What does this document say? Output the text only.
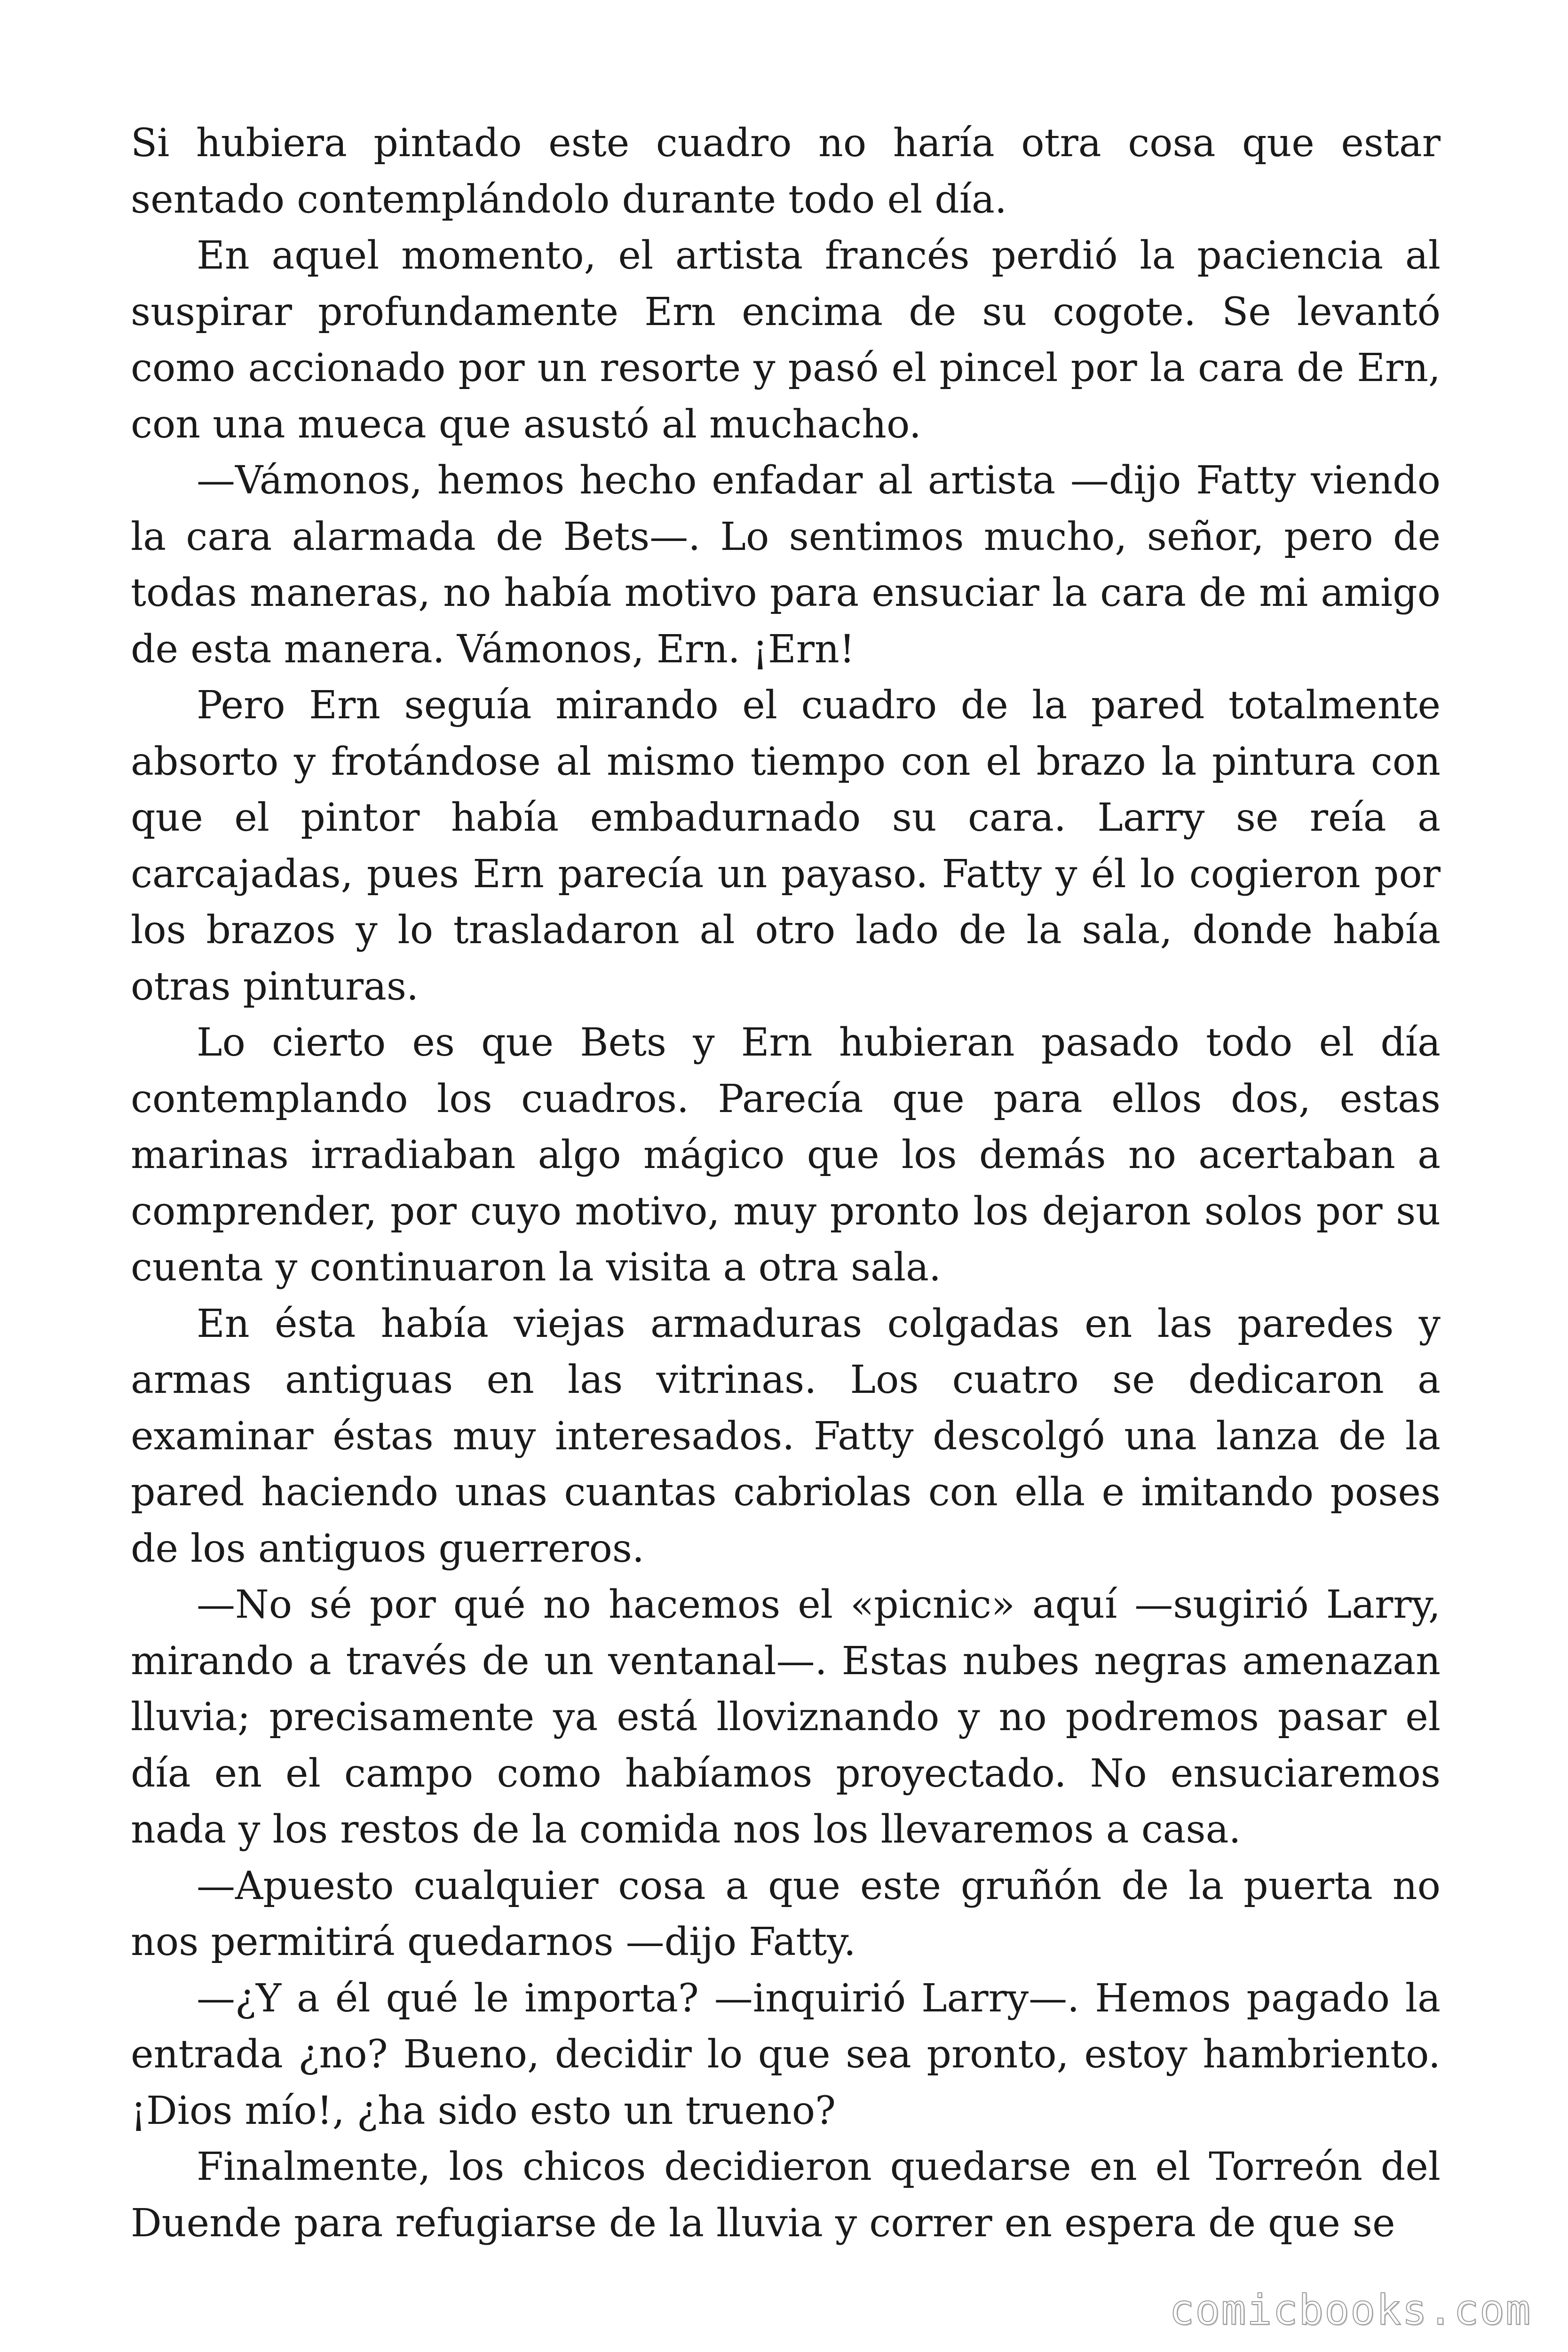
Si hubiera pintado este cuadro no haría otra cosa que estar sentado contemplándolo durante todo el día.

En aquel momento, el artista francés perdió la paciencia al suspirar profundamente Ern encima de su cogote. Se levantó como accionado por un resorte y pasó el pincel por la cara de Ern, con una mueca que asustó al muchacho.

—Vámonos, hemos hecho enfadar al artista —dijo Fatty viendo la cara alarmada de Bets—. Lo sentimos mucho, señor, pero de todas maneras, no había motivo para ensuciar la cara de mi amigo de esta manera. Vámonos, Ern. ¡Ern!

Pero Ern seguía mirando el cuadro de la pared totalmente absorto y frotándose al mismo tiempo con el brazo la pintura con que el pintor había embadurnado su cara. Larry se reía a carcajadas, pues Ern parecía un payaso. Fatty y él lo cogieron por los brazos y lo trasladaron al otro lado de la sala, donde había otras pinturas.

Lo cierto es que Bets y Ern hubieran pasado todo el día contemplando los cuadros. Parecía que para ellos dos, estas marinas irradiaban algo mágico que los demás no acertaban a comprender, por cuyo motivo, muy pronto los dejaron solos por su cuenta y continuaron la visita a otra sala.

En ésta había viejas armaduras colgadas en las paredes y armas antiguas en las vitrinas. Los cuatro se dedicaron a examinar éstas muy interesados. Fatty descolgó una lanza de la pared haciendo unas cuantas cabriolas con ella e imitando poses de los antiguos guerreros.

—No sé por qué no hacemos el «picnic» aquí —sugirió Larry, mirando a través de un ventanal—. Estas nubes negras amenazan lluvia; precisamente ya está lloviznando y no podremos pasar el día en el campo como habíamos proyectado. No ensuciaremos nada y los restos de la comida nos los llevaremos a casa.

—Apuesto cualquier cosa a que este gruñón de la puerta no nos permitirá quedarnos —dijo Fatty.

—¿Y a él qué le importa? —inquirió Larry—. Hemos pagado la entrada ¿no? Bueno, decidir lo que sea pronto, estoy hambriento. ¡Dios mío!, ¿ha sido esto un trueno?

Finalmente, los chicos decidieron quedarse en el Torreón del Duende para refugiarse de la lluvia y correr en espera de que se

comicbooks.com
